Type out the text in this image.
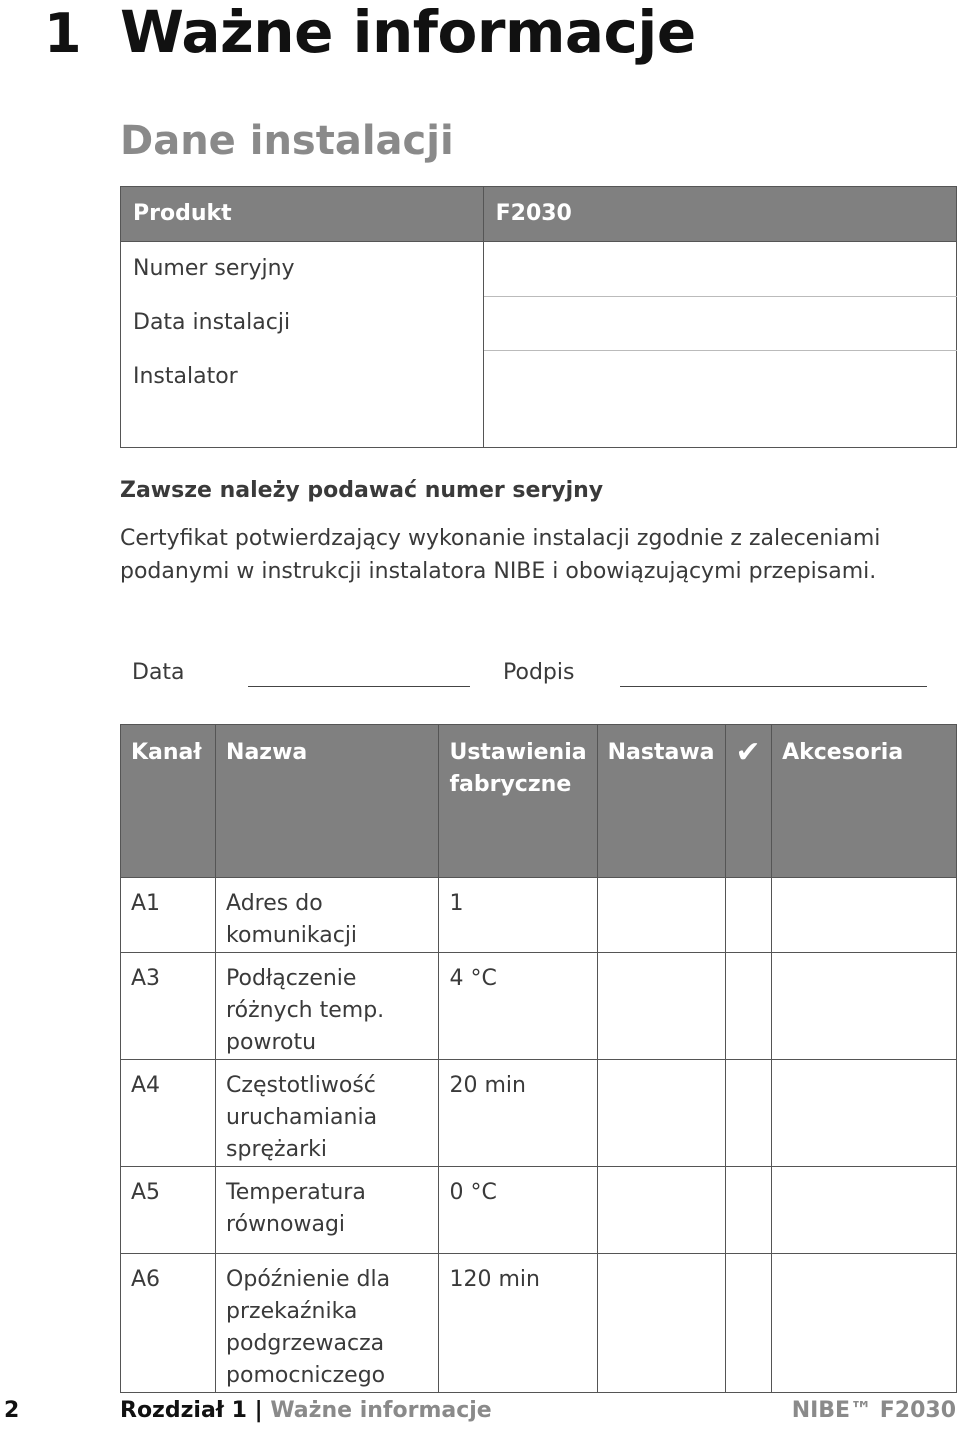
1 Ważne informacje
Dane instalacji
Produkt	F2030
Numer seryjny	
Data instalacji	
Instalator	
Zawsze należy podawać numer seryjny
Certyfikat potwierdzający wykonanie instalacji zgodnie z zaleceniami podanymi w instrukcji instalatora NIBE i obowiązującymi przepisami.
Data	Podpis
Kanał	Nazwa	Ustawienia fabryczne	Nastawa	✔	Akcesoria
A1	Adres do komunikacji	1			
A3	Podłączenie różnych temp. powrotu	4 °C			
A4	Częstotliwość uruchamiania sprężarki	20 min			
A5	Temperatura równowagi	0 °C			
A6	Opóźnienie dla przekaźnika podgrzewacza pomocniczego	120 min			
2	Rozdział 1 | Ważne informacje	NIBE™ F2030
